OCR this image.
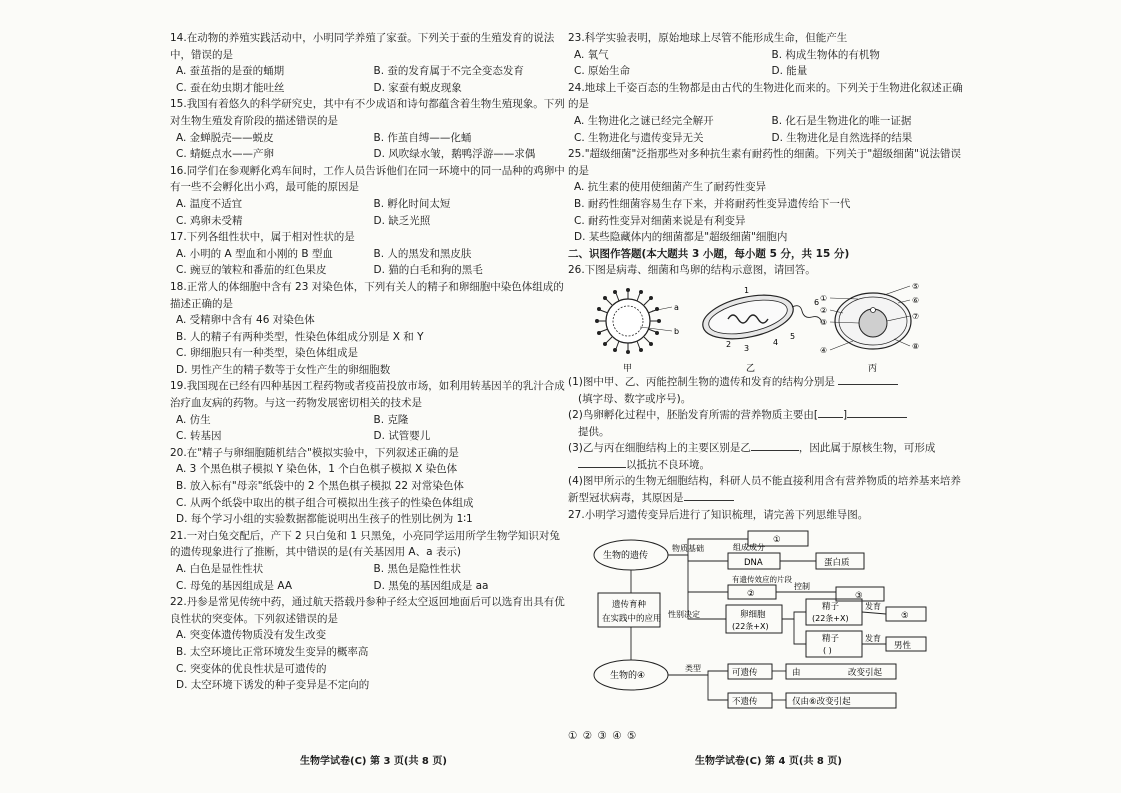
14.在动物的养殖实践活动中，小明同学养殖了家蚕。下列关于蚕的生殖发育的说法中，错误的是
A. 蚕茧指的是蚕的蛹期	B. 蚕的发育属于不完全变态发育
C. 蚕在幼虫期才能吐丝	D. 家蚕有蜕皮现象
15.我国有着悠久的科学研究史，其中有不少成语和诗句都蕴含着生物生殖现象。下列对生物生殖发育阶段的描述错误的是
A. 金蝉脱壳——蜕皮	B. 作茧自缚——化蛹
C. 蜻蜓点水——产卵	D. 风吹绿水皱，鹅鸭浮游——求偶
16.同学们在参观孵化鸡车间时，工作人员告诉他们在同一环境中的同一品种的鸡卵中有一些不会孵化出小鸡，最可能的原因是
A. 温度不适宜	B. 孵化时间太短
C. 鸡卵未受精	D. 缺乏光照
17.下列各组性状中，属于相对性状的是
A. 小明的 A 型血和小刚的 B 型血	B. 人的黑发和黑皮肤
C. 豌豆的皱粒和番茄的红色果皮	D. 猫的白毛和狗的黑毛
18.正常人的体细胞中含有 23 对染色体，下列有关人的精子和卵细胞中染色体组成的描述正确的是
A. 受精卵中含有 46 对染色体
B. 人的精子有两种类型，性染色体组成分别是 X 和 Y
C. 卵细胞只有一种类型，染色体组成是
D. 男性产生的精子数等于女性产生的卵细胞数
19.我国现在已经有四种基因工程药物或者疫苗投放市场，如利用转基因羊的乳汁合成治疗血友病的药物。与这一药物发展密切相关的技术是
A. 仿生	B. 克隆
C. 转基因	D. 试管婴儿
20.在"精子与卵细胞随机结合"模拟实验中，下列叙述正确的是
A. 3 个黑色棋子模拟 Y 染色体，1 个白色棋子模拟 X 染色体
B. 放入标有"母亲"纸袋中的 2 个黑色棋子模拟 22 对常染色体
C. 从两个纸袋中取出的棋子组合可模拟出生孩子的性染色体组成
D. 每个学习小组的实验数据都能说明出生孩子的性别比例为 1∶1
21.一对白兔交配后，产下 2 只白兔和 1 只黑兔，小亮同学运用所学生物学知识对兔的遗传现象进行了推断，其中错误的是(有关基因用 A、a 表示)
A. 白色是显性性状	B. 黑色是隐性性状
C. 母兔的基因组成是 AA	D. 黑兔的基因组成是 aa
22.丹参是常见传统中药，通过航天搭载丹参种子经太空返回地面后可以选育出具有优良性状的突变体。下列叙述错误的是
A. 突变体遗传物质没有发生改变
B. 太空环境比正常环境发生变异的概率高
C. 突变体的优良性状是可遗传的
D. 太空环境下诱发的种子变异是不定向的
生物学试卷(C) 第 3 页(共 8 页)
23.科学实验表明，原始地球上尽管不能形成生命，但能产生
A. 氧气	B. 构成生物体的有机物
C. 原始生命	D. 能量
24.地球上千姿百态的生物都是由古代的生物进化而来的。下列关于生物进化叙述正确的是
A. 生物进化之谜已经完全解开	B. 化石是生物进化的唯一证据
C. 生物进化与遗传变异无关	D. 生物进化是自然选择的结果
25."超级细菌"泛指那些对多种抗生素有耐药性的细菌。下列关于"超级细菌"说法错误的是
A. 抗生素的使用使细菌产生了耐药性变异
B. 耐药性细菌容易生存下来，并将耐药性变异遗传给下一代
C. 耐药性变异对细菌来说是有利变异
D. 某些隐藏体内的细菌都是"超级细菌"细胞内
二、识图作答题(本大题共 3 小题，每小题 5 分，共 15 分)
26.下图是病毒、细菌和鸟卵的结构示意图，请回答。
a
b
甲
1
2 3
4
5
6
乙
⑤
⑥
⑦
⑧
①
②
③
④
丙
(1)图中甲、乙、丙能控制生物的遗传和发育的结构分别是
(填字母、数字或序号)。
(2)鸟卵孵化过程中，胚胎发育所需的营养物质主要由[ ]
提供。
(3)乙与丙在细胞结构上的主要区别是乙	，因此属于原核生物，可形成
以抵抗不良环境。
(4)图甲所示的生物无细胞结构，科研人员不能直接利用含有营养物质的培养基来培养新型冠状病毒，其原因是
27.小明学习遗传变异后进行了知识梳理，请完善下列思维导图。
生物的遗传
遗传育种
在实践中的应用
生物的④
物质基础
①
组成成分
DNA	蛋白质
有遗传效应的片段
②
控制
③
性别决定	卵细胞
(22条+X)
精子
(22条+X)
精子
( )
发育
发育
⑤
男性
类型	可遗传
不遗传
由	改变引起
仅由⑥改变引起
① ② ③ ④ ⑤
生物学试卷(C) 第 4 页(共 8 页)
